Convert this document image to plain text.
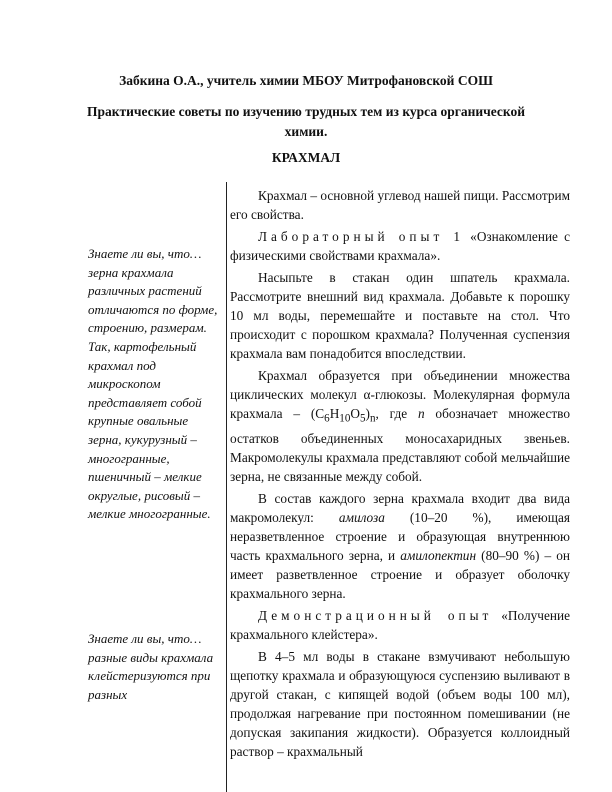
Забкина О.А., учитель химии МБОУ Митрофановской СОШ
Практические советы по изучению трудных тем из курса органической химии.
КРАХМАЛ
Знаете ли вы, что… зерна крахмала различных растений отличаются по форме, строению, размерам. Так, картофельный крахмал под микроскопом представляет собой крупные овальные зерна, кукурузный – многогранные, пшеничный – мелкие округлые, рисовый – мелкие многогранные.
Знаете ли вы, что… разные виды крахмала клейстеризуются при разных

Крахмал – основной углевод нашей пищи. Рассмотрим его свойства.

Лабораторный опыт 1 «Ознакомление с физическими свойствами крахмала».

Насыпьте в стакан один шпатель крахмала. Рассмотрите внешний вид крахмала. Добавьте к порошку 10 мл воды, перемешайте и поставьте на стол. Что происходит с порошком крахмала? Полученная суспензия крахмала вам понадобится впоследствии.

Крахмал образуется при объединении множества циклических молекул α-глюкозы. Молекулярная формула крахмала – $(C_6H_{10}O_5)_n$, где n обозначает множество остатков объединенных моносахаридных звеньев. Макромолекулы крахмала представляют собой мельчайшие зерна, не связанные между собой.

В состав каждого зерна крахмала входит два вида макромолекул: амилоза (10–20 %), имеющая неразветвленное строение и образующая внутреннюю часть крахмального зерна, и амилопектин (80–90 %) – он имеет разветвленное строение и образует оболочку крахмального зерна.

Демонстрационный опыт «Получение крахмального клейстера».

В 4–5 мл воды в стакане взмучивают небольшую щепотку крахмала и образующуюся суспензию выливают в другой стакан, с кипящей водой (объем воды 100 мл), продолжая нагревание при постоянном помешивании (не допуская закипания жидкости). Образуется коллоидный раствор – крахмальный
